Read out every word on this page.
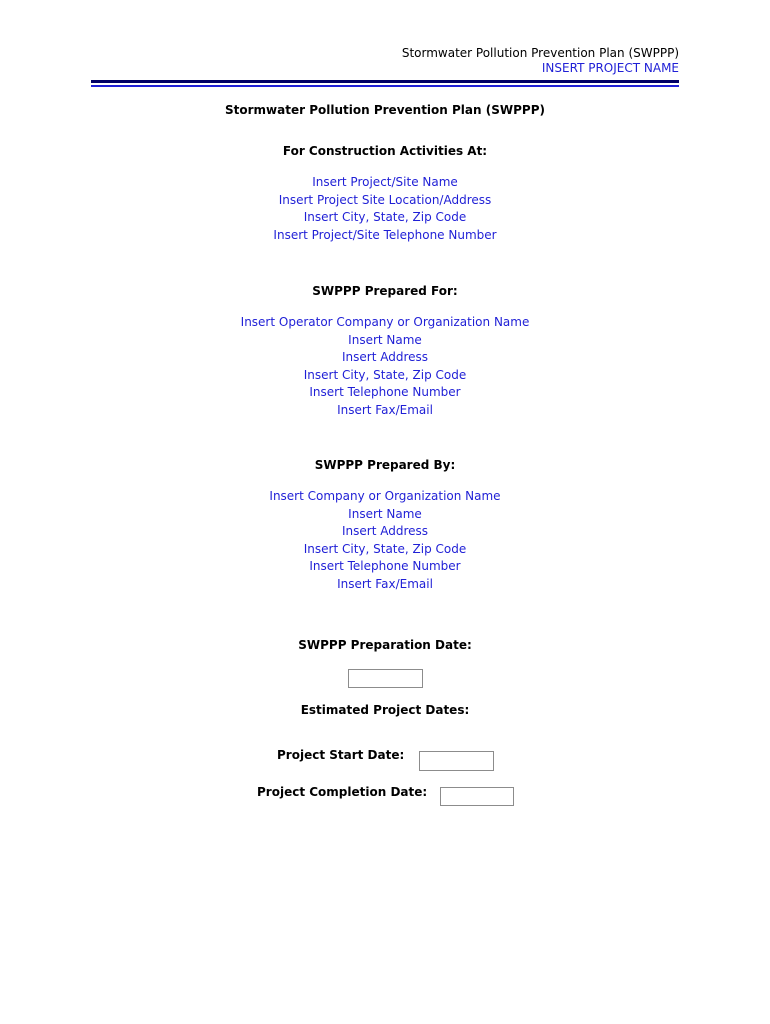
Stormwater Pollution Prevention Plan (SWPPP)
INSERT PROJECT NAME
Stormwater Pollution Prevention Plan (SWPPP)
For Construction Activities At:
Insert Project/Site Name
Insert Project Site Location/Address
Insert City, State, Zip Code
Insert Project/Site Telephone Number
SWPPP Prepared For:
Insert Operator Company or Organization Name
Insert Name
Insert Address
Insert City, State, Zip Code
Insert Telephone Number
Insert Fax/Email
SWPPP Prepared By:
Insert Company or Organization Name
Insert Name
Insert Address
Insert City, State, Zip Code
Insert Telephone Number
Insert Fax/Email
SWPPP Preparation Date:
Estimated Project Dates:
Project Start Date:
Project Completion Date:
